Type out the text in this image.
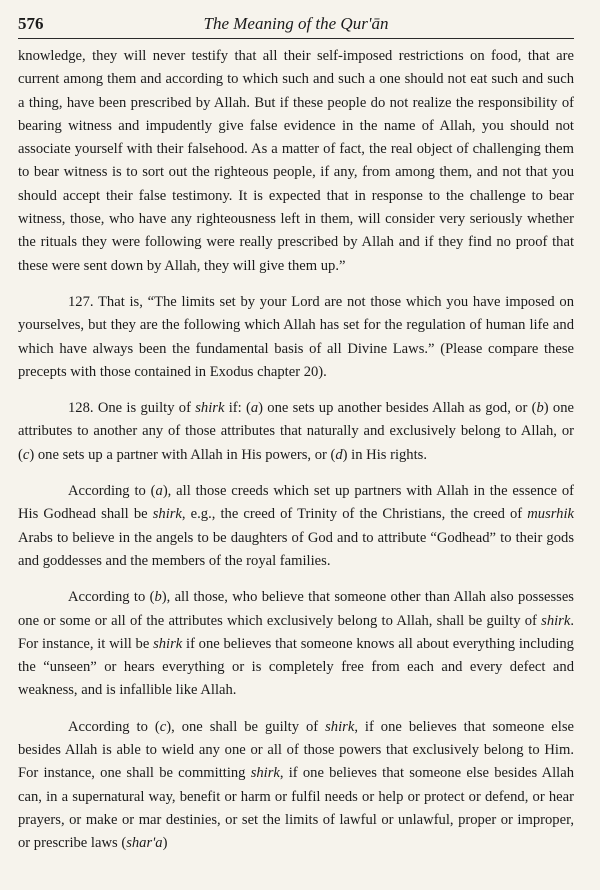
576	The Meaning of the Qur'ān

knowledge, they will never testify that all their self-imposed restrictions on food, that are current among them and according to which such and such a one should not eat such and such a thing, have been prescribed by Allah. But if these people do not realize the responsibility of bearing witness and impudently give false evidence in the name of Allah, you should not associate yourself with their falsehood. As a matter of fact, the real object of challenging them to bear witness is to sort out the righteous people, if any, from among them, and not that you should accept their false testimony. It is expected that in response to the challenge to bear witness, those, who have any righteousness left in them, will consider very seriously whether the rituals they were following were really prescribed by Allah and if they find no proof that these were sent down by Allah, they will give them up.”

127. That is, “The limits set by your Lord are not those which you have imposed on yourselves, but they are the following which Allah has set for the regulation of human life and which have always been the fundamental basis of all Divine Laws.” (Please compare these precepts with those contained in Exodus chapter 20).

128. One is guilty of shirk if: (a) one sets up another besides Allah as god, or (b) one attributes to another any of those attributes that naturally and exclusively belong to Allah, or (c) one sets up a partner with Allah in His powers, or (d) in His rights.

According to (a), all those creeds which set up partners with Allah in the essence of His Godhead shall be shirk, e.g., the creed of Trinity of the Christians, the creed of musrhik Arabs to believe in the angels to be daughters of God and to attribute “Godhead” to their gods and goddesses and the members of the royal families.

According to (b), all those, who believe that someone other than Allah also possesses one or some or all of the attributes which exclusively belong to Allah, shall be guilty of shirk. For instance, it will be shirk if one believes that someone knows all about everything including the “unseen” or hears everything or is completely free from each and every defect and weakness, and is infallible like Allah.

According to (c), one shall be guilty of shirk, if one believes that someone else besides Allah is able to wield any one or all of those powers that exclusively belong to Him. For instance, one shall be committing shirk, if one believes that someone else besides Allah can, in a supernatural way, benefit or harm or fulfil needs or help or protect or defend, or hear prayers, or make or mar destinies, or set the limits of lawful or unlawful, proper or improper, or prescribe laws (shar'a)
